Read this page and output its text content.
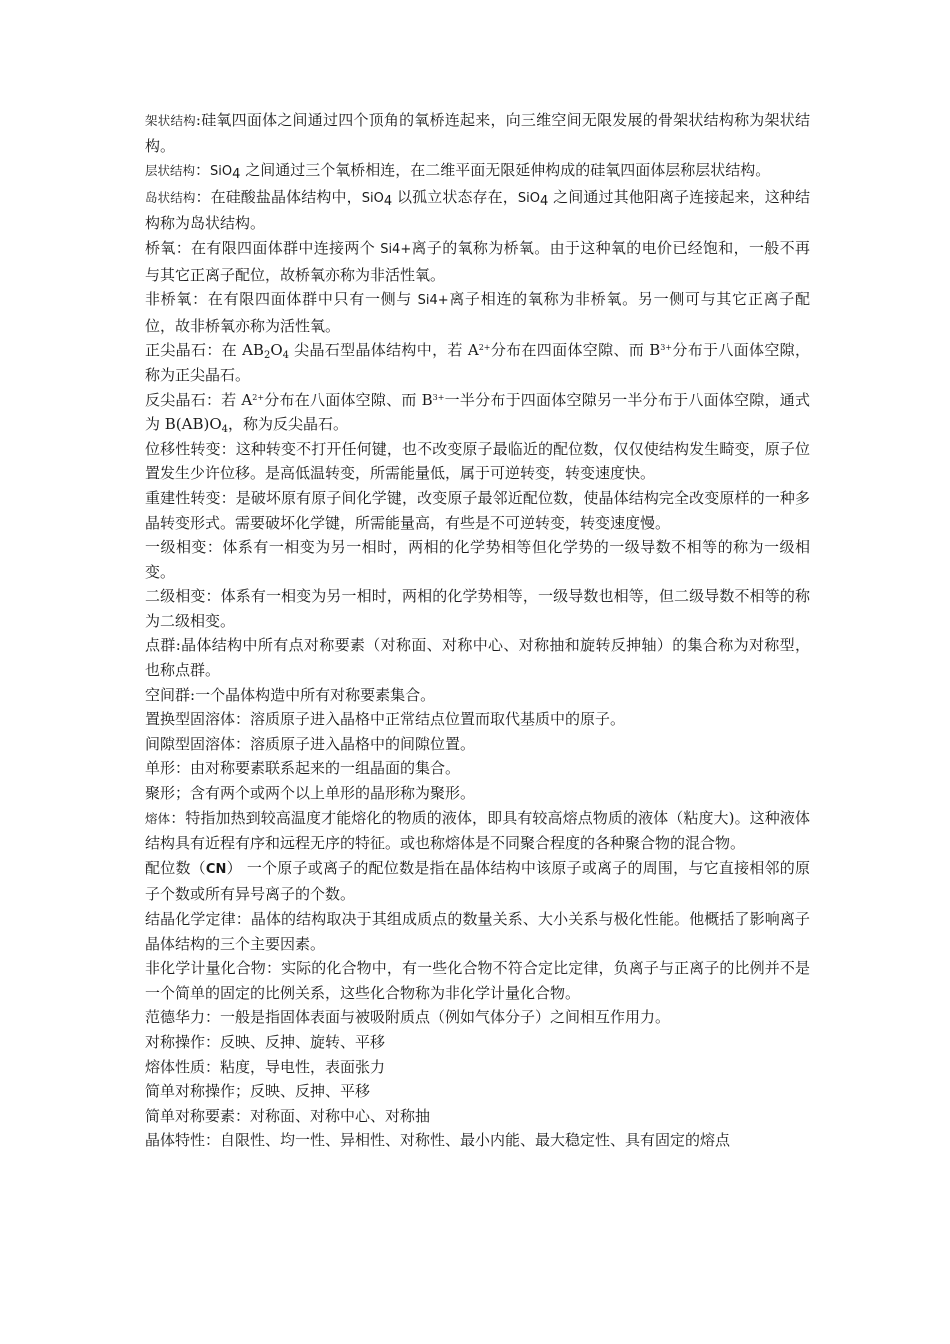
架状结构:硅氧四面体之间通过四个顶角的氧桥连起来，向三维空间无限发展的骨架状结构称为架状结构。

层状结构：SiO$_4$ 之间通过三个氧桥相连，在二维平面无限延伸构成的硅氧四面体层称层状结构。

岛状结构：在硅酸盐晶体结构中，SiO$_4$ 以孤立状态存在，SiO$_4$ 之间通过其他阳离子连接起来，这种结构称为岛状结构。

桥氧：在有限四面体群中连接两个 Si4+离子的氧称为桥氧。由于这种氧的电价已经饱和，一般不再与其它正离子配位，故桥氧亦称为非活性氧。

非桥氧：在有限四面体群中只有一侧与 Si4+离子相连的氧称为非桥氧。另一侧可与其它正离子配位，故非桥氧亦称为活性氧。

正尖晶石：在 $AB_2O_4$ 尖晶石型晶体结构中，若 $A^{2+}$分布在四面体空隙、而 $B^{3+}$分布于八面体空隙，称为正尖晶石。

反尖晶石：若 $A^{2+}$分布在八面体空隙、而 $B^{3+}$一半分布于四面体空隙另一半分布于八面体空隙，通式为 $B(AB)O_4$，称为反尖晶石。

位移性转变：这种转变不打开任何键，也不改变原子最临近的配位数，仅仅使结构发生畸变，原子位置发生少许位移。是高低温转变，所需能量低，属于可逆转变，转变速度快。

重建性转变：是破坏原有原子间化学键，改变原子最邻近配位数，使晶体结构完全改变原样的一种多晶转变形式。需要破坏化学键，所需能量高，有些是不可逆转变，转变速度慢。

一级相变：体系有一相变为另一相时，两相的化学势相等但化学势的一级导数不相等的称为一级相变。

二级相变：体系有一相变为另一相时，两相的化学势相等，一级导数也相等，但二级导数不相等的称为二级相变。

点群:晶体结构中所有点对称要素（对称面、对称中心、对称抽和旋转反抻轴）的集合称为对称型，也称点群。

空间群:一个晶体构造中所有对称要素集合。

置换型固溶体：溶质原子进入晶格中正常结点位置而取代基质中的原子。

间隙型固溶体：溶质原子进入晶格中的间隙位置。

单形：由对称要素联系起来的一组晶面的集合。

聚形；含有两个或两个以上单形的晶形称为聚形。

熔体：特指加热到较高温度才能熔化的物质的液体，即具有较高熔点物质的液体（粘度大)。这种液体结构具有近程有序和远程无序的特征。或也称熔体是不同聚合程度的各种聚合物的混合物。

配位数（CN） 一个原子或离子的配位数是指在晶体结构中该原子或离子的周围，与它直接相邻的原子个数或所有异号离子的个数。

结晶化学定律：晶体的结构取决于其组成质点的数量关系、大小关系与极化性能。他概括了影响离子晶体结构的三个主要因素。

非化学计量化合物：实际的化合物中，有一些化合物不符合定比定律，负离子与正离子的比例并不是一个简单的固定的比例关系，这些化合物称为非化学计量化合物。

范德华力：一般是指固体表面与被吸附质点（例如气体分子）之间相互作用力。

对称操作：反映、反抻、旋转、平移

熔体性质：粘度，导电性，表面张力

简单对称操作；反映、反抻、平移

简单对称要素：对称面、对称中心、对称抽

晶体特性：自限性、均一性、异相性、对称性、最小内能、最大稳定性、具有固定的熔点
